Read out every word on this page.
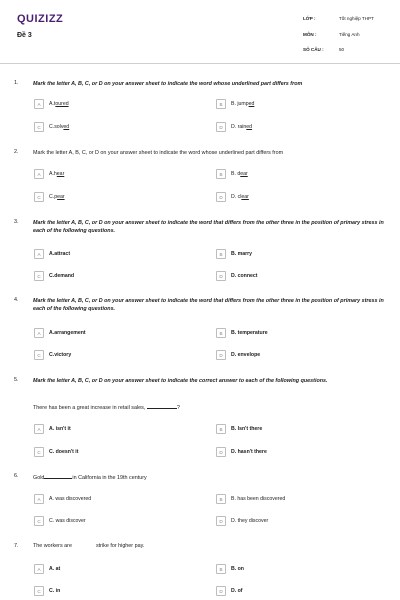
QUIZIZZ
Đề 3
LỚP :	Tốt nghiệp THPT
MÔN :	Tiếng Anh
SỐ CÂU :	50
1.	Mark the letter A, B, C, or D on your answer sheet to indicate the word whose underlined part differs from
A	A.toured	B	B. jumped
C	C.solved	D	D. rained
2.	Mark the letter A, B, C, or D on your answer sheet to indicate the word whose underlined part differs from
A	A.hear	B	B. dear
C	C.pear	D	D. clear
3.	Mark the letter A, B, C, or D on your answer sheet to indicate the word that differs from the other three in the position of primary stress in each of the following questions.
A	A.attract	B	B. marry
C	C.demand	D	D. connect
4.	Mark the letter A, B, C, or D on your answer sheet to indicate the word that differs from the other three in the position of primary stress in each of the following questions.
A	A.arrangement	B	B. temperature
C	C.victory	D	D. envelope
5.	Mark the letter A, B, C, or D on your answer sheet to indicate the correct answer to each of the following questions.
There has been a great increase in retail sales,	?
A	A. isn't it	B	B. Isn't there
C	C. doesn't it	D	D. hasn't there
6.	Gold	in California in the 19th century
A	A. was discovered	B	B. has been discovered
C	C. was discover	D	D. they discover
7.	The workers are	strike for higher pay.
A	A. at	B	B. on
C	C. in	D	D. of
